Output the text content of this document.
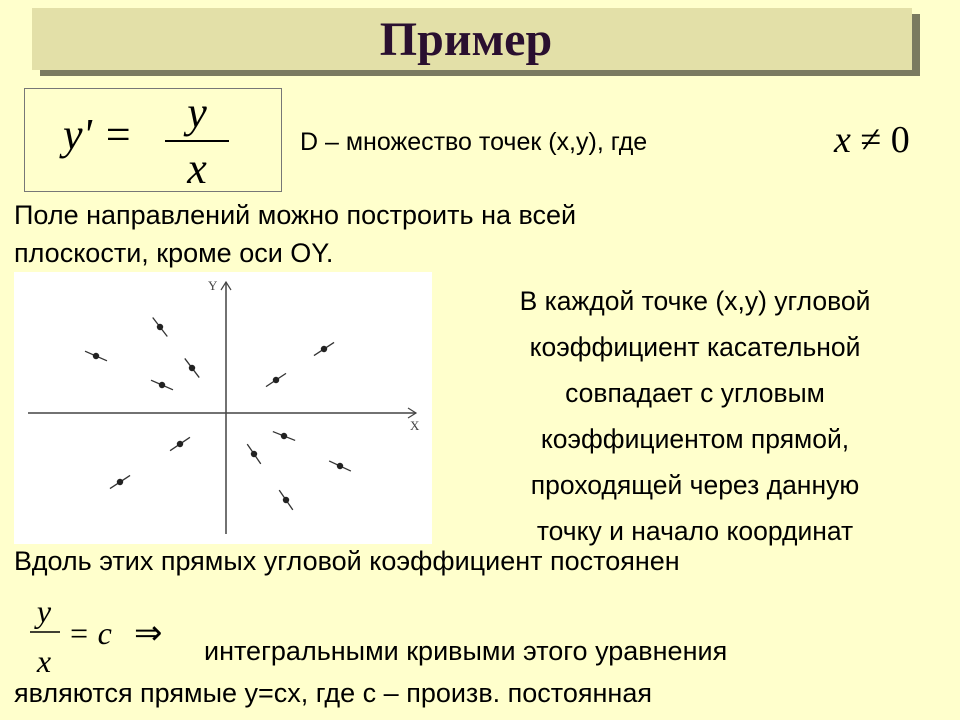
Пример
y' = y
x
D – множество точек (x,y), где	x ≠ 0
Поле направлений можно построить на всей
плоскости, кроме оси OY.
Y
X
В каждой точке (x,y) угловой
коэффициент касательной
совпадает с угловым
коэффициентом прямой,
проходящей через данную
точку и начало координат
Вдоль этих прямых угловой коэффициент постоянен
y
x
= c ⇒ интегральными кривыми этого уравнения
являются прямые y=cx, где c – произв. постоянная
